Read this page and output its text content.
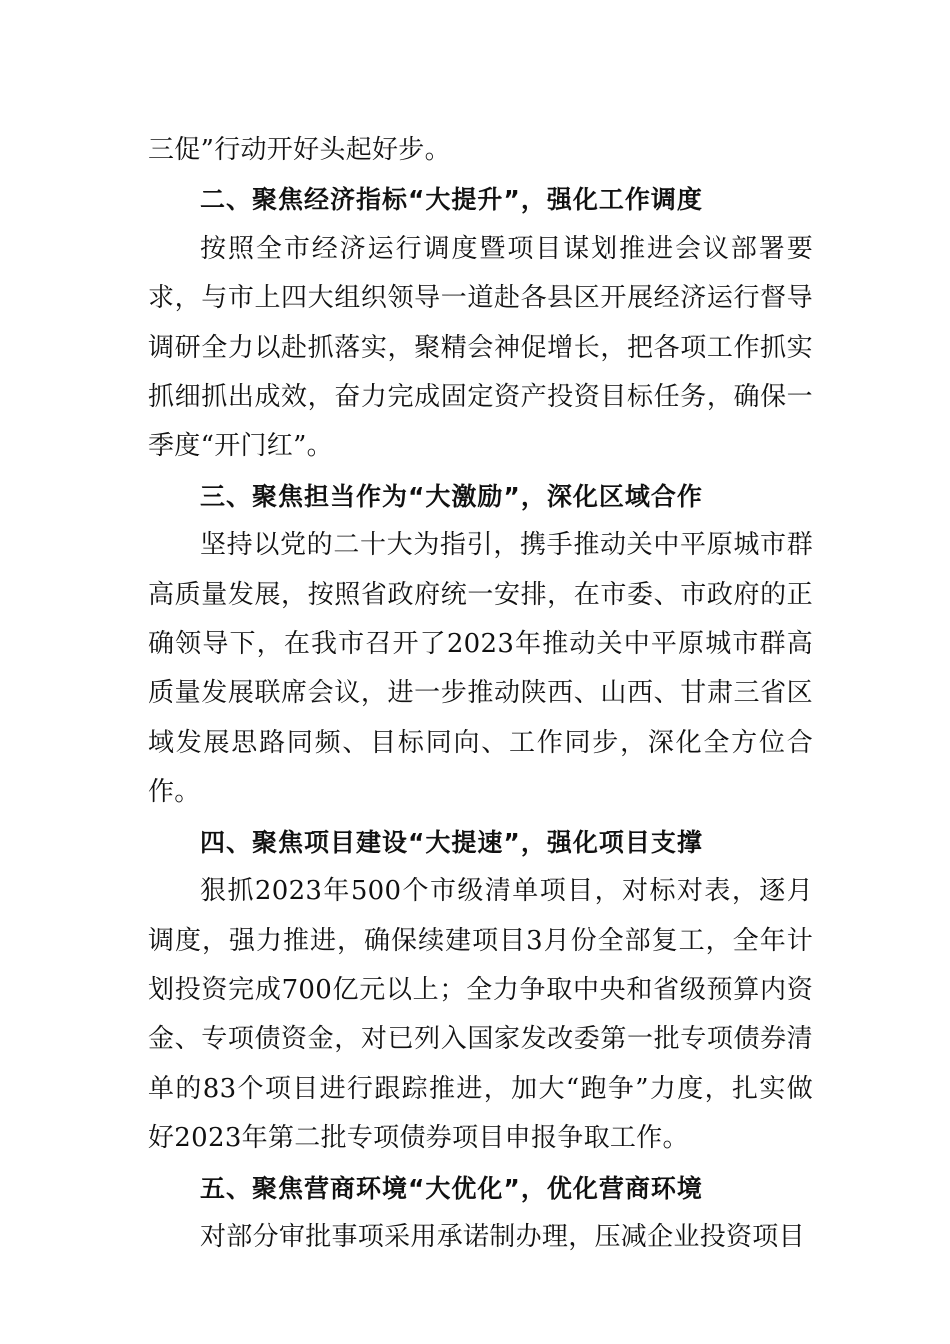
三促”行动开好头起好步。

二、聚焦经济指标“大提升”，强化工作调度

按照全市经济运行调度暨项目谋划推进会议部署要求，与市上四大组织领导一道赴各县区开展经济运行督导调研全力以赴抓落实，聚精会神促增长，把各项工作抓实抓细抓出成效，奋力完成固定资产投资目标任务，确保一季度“开门红”。

三、聚焦担当作为“大激励”，深化区域合作

坚持以党的二十大为指引，携手推动关中平原城市群高质量发展，按照省政府统一安排，在市委、市政府的正确领导下，在我市召开了2023年推动关中平原城市群高质量发展联席会议，进一步推动陕西、山西、甘肃三省区域发展思路同频、目标同向、工作同步，深化全方位合作。

四、聚焦项目建设“大提速”，强化项目支撑

狠抓2023年500个市级清单项目，对标对表，逐月调度，强力推进，确保续建项目3月份全部复工，全年计划投资完成700亿元以上；全力争取中央和省级预算内资金、专项债资金，对已列入国家发改委第一批专项债券清单的83个项目进行跟踪推进，加大“跑争”力度，扎实做好2023年第二批专项债券项目申报争取工作。

五、聚焦营商环境“大优化”，优化营商环境

对部分审批事项采用承诺制办理，压减企业投资项目
